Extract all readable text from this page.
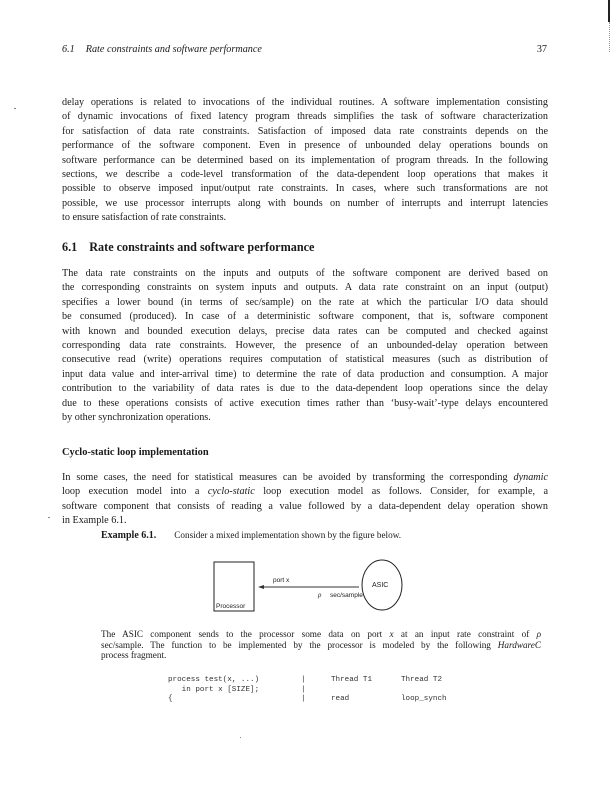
6.1 Rate constraints and software performance	37

delay operations is related to invocations of the individual routines. A software implementation consisting
of dynamic invocations of fixed latency program threads simplifies the task of software characterization
for satisfaction of data rate constraints. Satisfaction of imposed data rate constraints depends on the
performance of the software component. Even in presence of unbounded delay operations bounds on
software performance can be determined based on its implementation of program threads. In the following
sections, we describe a code-level transformation of the data-dependent loop operations that makes it
possible to observe imposed input/output rate constraints. In cases, where such transformations are not
possible, we use processor interrupts along with bounds on number of interrupts and interrupt latencies
to ensure satisfaction of rate constraints.

6.1 Rate constraints and software performance

The data rate constraints on the inputs and outputs of the software component are derived based on
the corresponding constraints on system inputs and outputs. A data rate constraint on an input (output)
specifies a lower bound (in terms of sec/sample) on the rate at which the particular I/O data should
be consumed (produced). In case of a deterministic software component, that is, software component
with known and bounded execution delays, precise data rates can be computed and checked against
corresponding data rate constraints. However, the presence of an unbounded-delay operation between
consecutive read (write) operations requires computation of statistical measures (such as distribution of
input data value and inter-arrival time) to determine the rate of data production and consumption. A major
contribution to the variability of data rates is due to the data-dependent loop operations since the delay
due to these operations consists of active execution times rather than ‘busy-wait’-type delays encountered
by other synchronization operations.

Cyclo-static loop implementation

In some cases, the need for statistical measures can be avoided by transforming the corresponding dynamic
loop execution model into a cyclo-static loop execution model as follows. Consider, for example, a
software component that consists of reading a value followed by a data-dependent delay operation shown
in Example 6.1.

Example 6.1. Consider a mixed implementation shown by the figure below.
Processor
port x
ρ sec/sample
ASIC

The ASIC component sends to the processor some data on port x at an input rate constraint of ρ
sec/sample. The function to be implemented by the processor is modeled by the following HardwareC
process fragment.

process test(x, ...)	|	Thread T1	Thread T2
in port x [SIZE];	|
{	|	read	loop_synch
